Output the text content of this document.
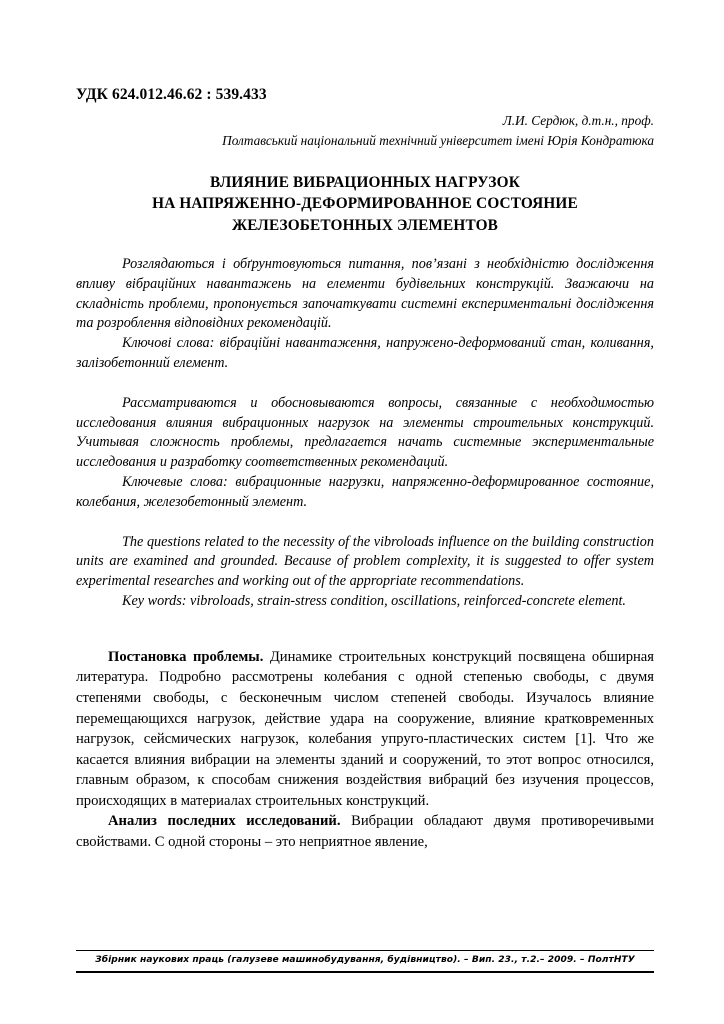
УДК 624.012.46.62 : 539.433

Л.И. Сердюк, д.т.н., проф.

Полтавський національний технічний університет імені Юрія Кондратюка

ВЛИЯНИЕ ВИБРАЦИОННЫХ НАГРУЗОК
НА НАПРЯЖЕННО-ДЕФОРМИРОВАННОЕ СОСТОЯНИЕ
ЖЕЛЕЗОБЕТОННЫХ ЭЛЕМЕНТОВ

Розглядаються і обґрунтовуються питання, пов’язані з необхідністю дослідження впливу вібраційних навантажень на елементи будівельних конструкцій. Зважаючи на складність проблеми, пропонується започаткувати системні експериментальні дослідження та розроблення відповідних рекомендацій.

Ключові слова: вібраційні навантаження, напружено-деформований стан, коливання, залізобетонний елемент.

Рассматриваются и обосновываются вопросы, связанные с необходимостью исследования влияния вибрационных нагрузок на элементы строительных конструкций. Учитывая сложность проблемы, предлагается начать системные экспериментальные исследования и разработку соответственных рекомендаций.

Ключевые слова: вибрационные нагрузки, напряженно-деформированное состояние, колебания, железобетонный элемент.

The questions related to the necessity of the vibroloads influence on the building construction units are examined and grounded. Because of problem complexity, it is suggested to offer system experimental researches and working out of the appropriate recommendations.

Key words: vibroloads, strain-stress condition, oscillations, reinforced-concrete element.

Постановка проблемы. Динамике строительных конструкций посвящена обширная литература. Подробно рассмотрены колебания с одной степенью свободы, с двумя степенями свободы, с бесконечным числом степеней свободы. Изучалось влияние перемещающихся нагрузок, действие удара на сооружение, влияние кратковременных нагрузок, сейсмических нагрузок, колебания упруго-пластических систем [1]. Что же касается влияния вибрации на элементы зданий и сооружений, то этот вопрос относился, главным образом, к способам снижения воздействия вибраций без изучения процессов, происходящих в материалах строительных конструкций.

Анализ последних исследований. Вибрации обладают двумя противоречивыми свойствами. С одной стороны – это неприятное явление,

Збірник наукових праць (галузеве машинобудування, будівництво). – Вип. 23., т.2.– 2009. – ПолтНТУ
